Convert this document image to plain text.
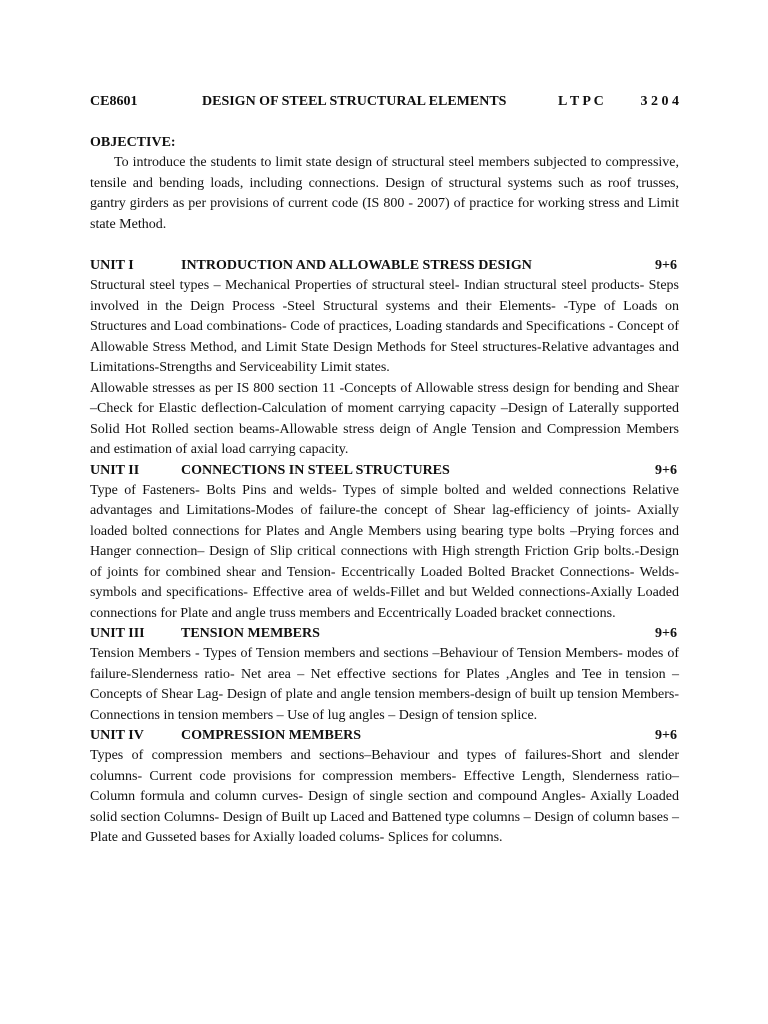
CE8601	DESIGN OF STEEL STRUCTURAL ELEMENTS	L T P C	3 2 0 4
OBJECTIVE:

To introduce the students to limit state design of structural steel members subjected to compressive, tensile and bending loads, including connections. Design of structural systems such as roof trusses, gantry girders as per provisions of current code (IS 800 - 2007) of practice for working stress and Limit state Method.

UNIT I	INTRODUCTION AND ALLOWABLE STRESS DESIGN	9+6

Structural steel types – Mechanical Properties of structural steel- Indian structural steel products- Steps involved in the Deign Process -Steel Structural systems and their Elements- -Type of Loads on Structures and Load combinations- Code of practices, Loading standards and Specifications - Concept of Allowable Stress Method, and Limit State Design Methods for Steel structures-Relative advantages and Limitations-Strengths and Serviceability Limit states.

Allowable stresses as per IS 800 section 11 -Concepts of Allowable stress design for bending and Shear –Check for Elastic deflection-Calculation of moment carrying capacity –Design of Laterally supported Solid Hot Rolled section beams-Allowable stress deign of Angle Tension and Compression Members and estimation of axial load carrying capacity.

UNIT II	CONNECTIONS IN STEEL STRUCTURES	9+6

Type of Fasteners- Bolts Pins and welds- Types of simple bolted and welded connections Relative advantages and Limitations-Modes of failure-the concept of Shear lag-efficiency of joints- Axially loaded bolted connections for Plates and Angle Members using bearing type bolts –Prying forces and Hanger connection– Design of Slip critical connections with High strength Friction Grip bolts.-Design of joints for combined shear and Tension- Eccentrically Loaded Bolted Bracket Connections- Welds-symbols and specifications- Effective area of welds-Fillet and but Welded connections-Axially Loaded connections for Plate and angle truss members and Eccentrically Loaded bracket connections.

UNIT III	TENSION MEMBERS	9+6

Tension Members - Types of Tension members and sections –Behaviour of Tension Members- modes of failure-Slenderness ratio- Net area – Net effective sections for Plates ,Angles and Tee in tension –Concepts of Shear Lag- Design of plate and angle tension members-design of built up tension Members-Connections in tension members – Use of lug angles – Design of tension splice.

UNIT IV	COMPRESSION MEMBERS	9+6

Types of compression members and sections–Behaviour and types of failures-Short and slender columns- Current code provisions for compression members- Effective Length, Slenderness ratio–Column formula and column curves- Design of single section and compound Angles- Axially Loaded solid section Columns- Design of Built up Laced and Battened type columns – Design of column bases – Plate and Gusseted bases for Axially loaded colums- Splices for columns.
